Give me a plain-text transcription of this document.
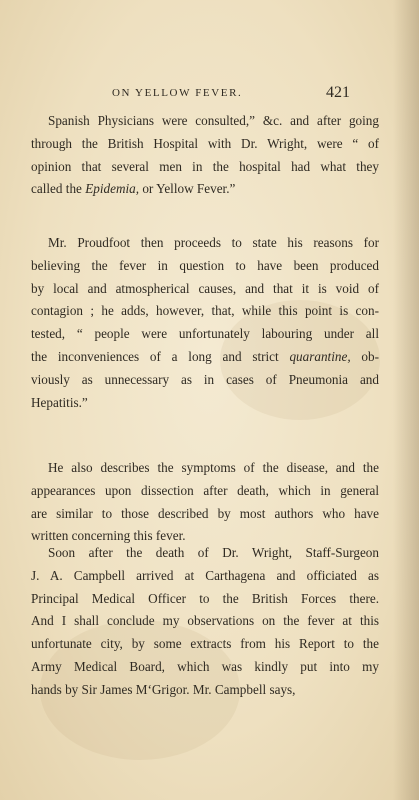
ON YELLOW FEVER.	421
Spanish Physicians were consulted,” &c. and after going
through the British Hospital with Dr. Wright, were “ of
opinion that several men in the hospital had what they
called the Epidemia, or Yellow Fever.”
Mr. Proudfoot then proceeds to state his reasons for
believing the fever in question to have been produced
by local and atmospherical causes, and that it is void of
contagion ; he adds, however, that, while this point is con-
tested, “ people were unfortunately labouring under all
the inconveniences of a long and strict quarantine, ob-
viously as unnecessary as in cases of Pneumonia and
Hepatitis.”
He also describes the symptoms of the disease, and the
appearances upon dissection after death, which in general
are similar to those described by most authors who have
written concerning this fever.
Soon after the death of Dr. Wright, Staff-Surgeon
J. A. Campbell arrived at Carthagena and officiated as
Principal Medical Officer to the British Forces there.
And I shall conclude my observations on the fever at this
unfortunate city, by some extracts from his Report to the
Army Medical Board, which was kindly put into my
hands by Sir James M‘Grigor. Mr. Campbell says,
